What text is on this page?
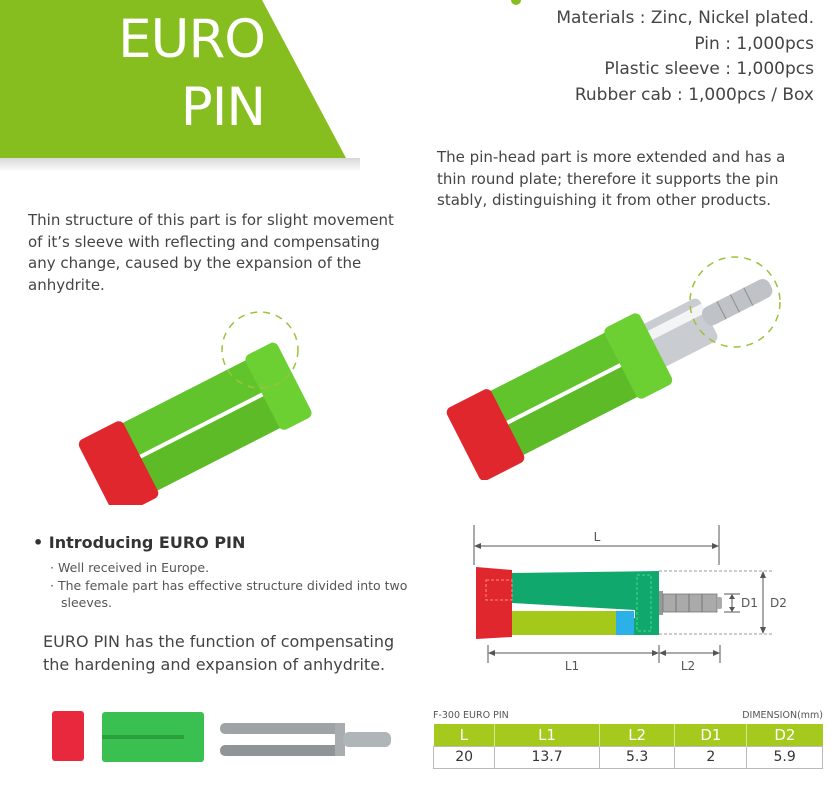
EURO
PIN
Materials : Zinc, Nickel plated.
Pin : 1,000pcs
Plastic sleeve : 1,000pcs
Rubber cab : 1,000pcs / Box
The pin-head part is more extended and has a thin round plate; therefore it supports the pin stably, distinguishing it from other products.
Thin structure of this part is for slight movement of it’s sleeve with reflecting and compensating any change, caused by the expansion of the anhydrite.
• Introducing EURO PIN
· Well received in Europe.
· The female part has effective structure divided into two sleeves.
EURO PIN has the function of compensating the hardening and expansion of anhydrite.
L
D2
D1
L1	L2
F-300 EURO PIN	DIMENSION(mm)
L	L1	L2	D1	D2
20	13.7	5.3	2	5.9
